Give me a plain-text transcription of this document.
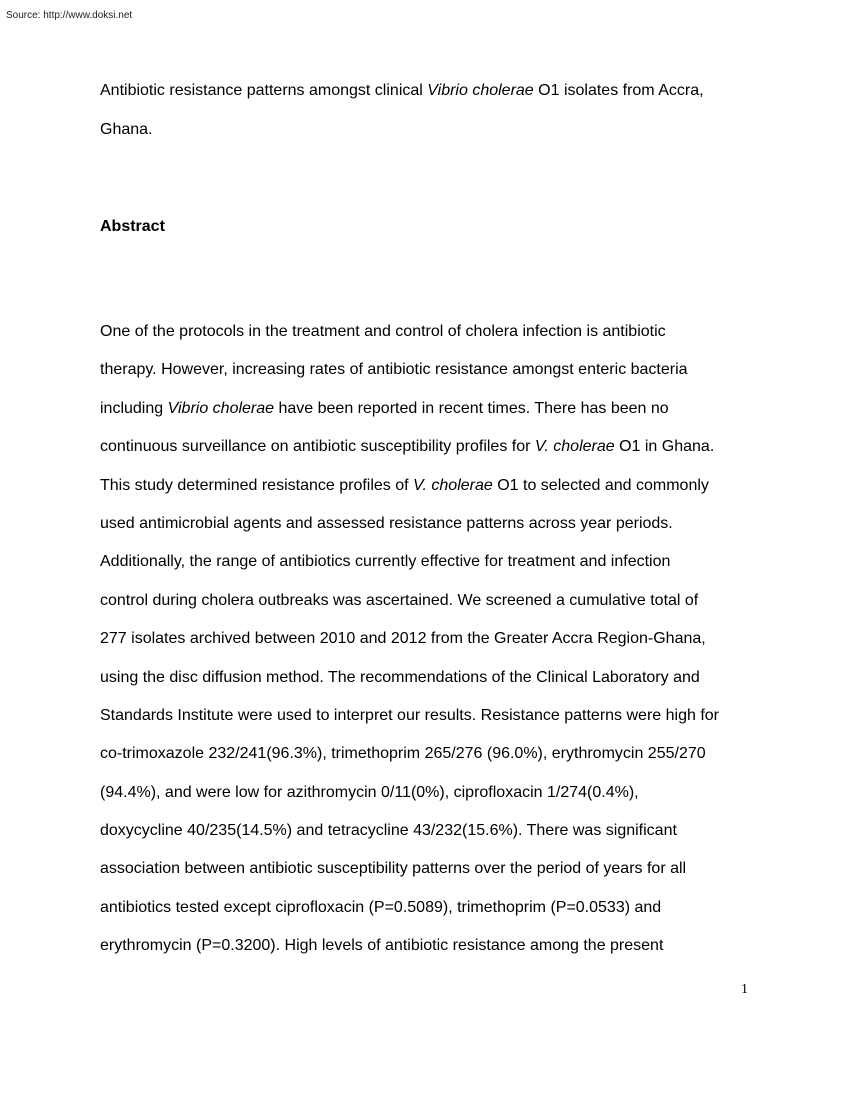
Source: http://www.doksi.net

Antibiotic resistance patterns amongst clinical Vibrio cholerae O1 isolates from Accra,
Ghana.

Abstract
One of the protocols in the treatment and control of cholera infection is antibiotic
therapy. However, increasing rates of antibiotic resistance amongst enteric bacteria
including Vibrio cholerae have been reported in recent times. There has been no
continuous surveillance on antibiotic susceptibility profiles for V. cholerae O1 in Ghana.
This study determined resistance profiles of V. cholerae O1 to selected and commonly
used antimicrobial agents and assessed resistance patterns across year periods.
Additionally, the range of antibiotics currently effective for treatment and infection
control during cholera outbreaks was ascertained. We screened a cumulative total of
277 isolates archived between 2010 and 2012 from the Greater Accra Region-Ghana,
using the disc diffusion method. The recommendations of the Clinical Laboratory and
Standards Institute were used to interpret our results. Resistance patterns were high for
co-trimoxazole 232/241(96.3%), trimethoprim 265/276 (96.0%), erythromycin 255/270
(94.4%), and were low for azithromycin 0/11(0%), ciprofloxacin 1/274(0.4%),
doxycycline 40/235(14.5%) and tetracycline 43/232(15.6%). There was significant
association between antibiotic susceptibility patterns over the period of years for all
antibiotics tested except ciprofloxacin (P=0.5089), trimethoprim (P=0.0533) and
erythromycin (P=0.3200). High levels of antibiotic resistance among the present
1
